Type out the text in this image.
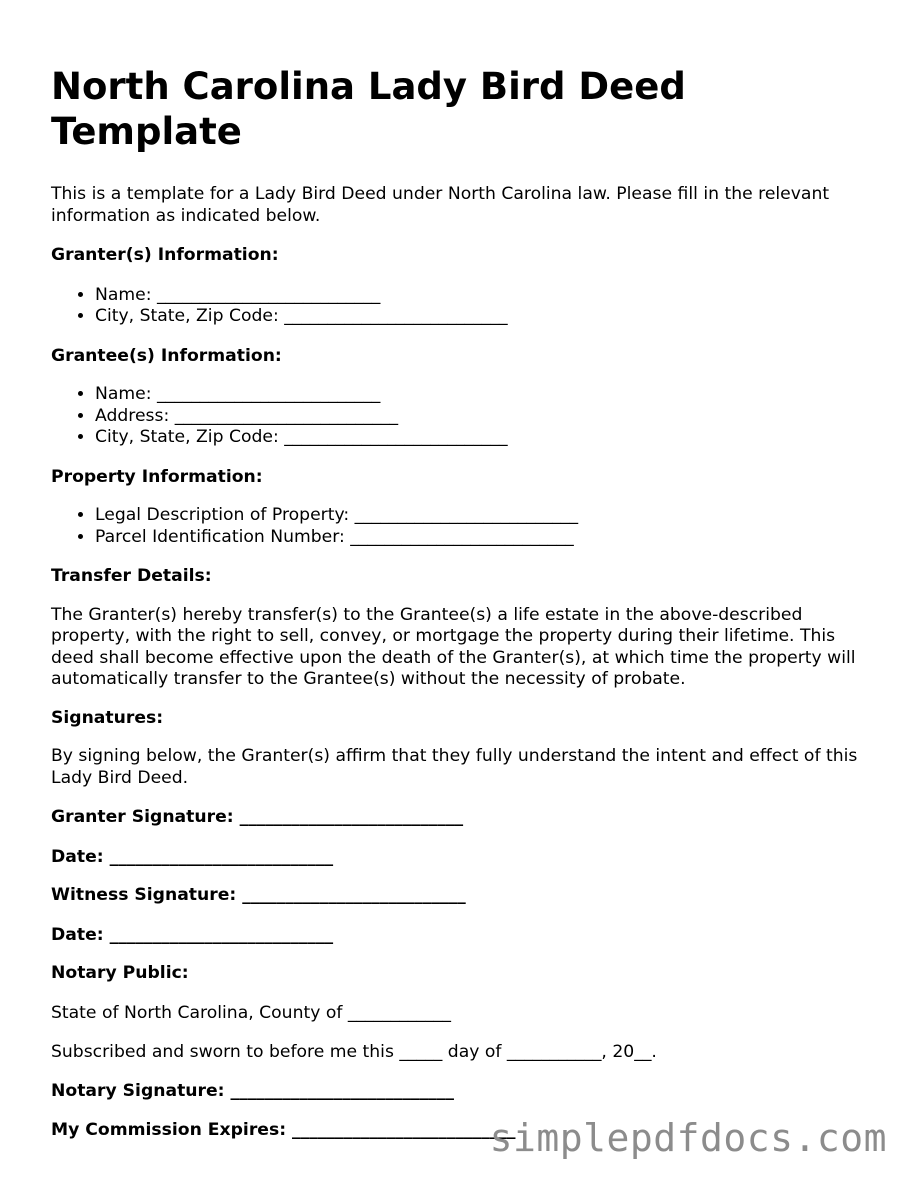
North Carolina Lady Bird Deed Template

This is a template for a Lady Bird Deed under North Carolina law. Please fill in the relevant information as indicated below.

Granter(s) Information:
• Name: __________________________
• City, State, Zip Code: __________________________
Grantee(s) Information:
• Name: __________________________
• Address: __________________________
• City, State, Zip Code: __________________________
Property Information:
• Legal Description of Property: __________________________
• Parcel Identification Number: __________________________
Transfer Details:

The Granter(s) hereby transfer(s) to the Grantee(s) a life estate in the above-described property, with the right to sell, convey, or mortgage the property during their lifetime. This deed shall become effective upon the death of the Granter(s), at which time the property will automatically transfer to the Grantee(s) without the necessity of probate.

Signatures:

By signing below, the Granter(s) affirm that they fully understand the intent and effect of this Lady Bird Deed.

Granter Signature: __________________________
Date: __________________________
Witness Signature: __________________________
Date: __________________________
Notary Public:

State of North Carolina, County of ____________

Subscribed and sworn to before me this _____ day of ___________, 20__.

Notary Signature: __________________________
My Commission Expires: __________________________
simplepdfdocs.com
